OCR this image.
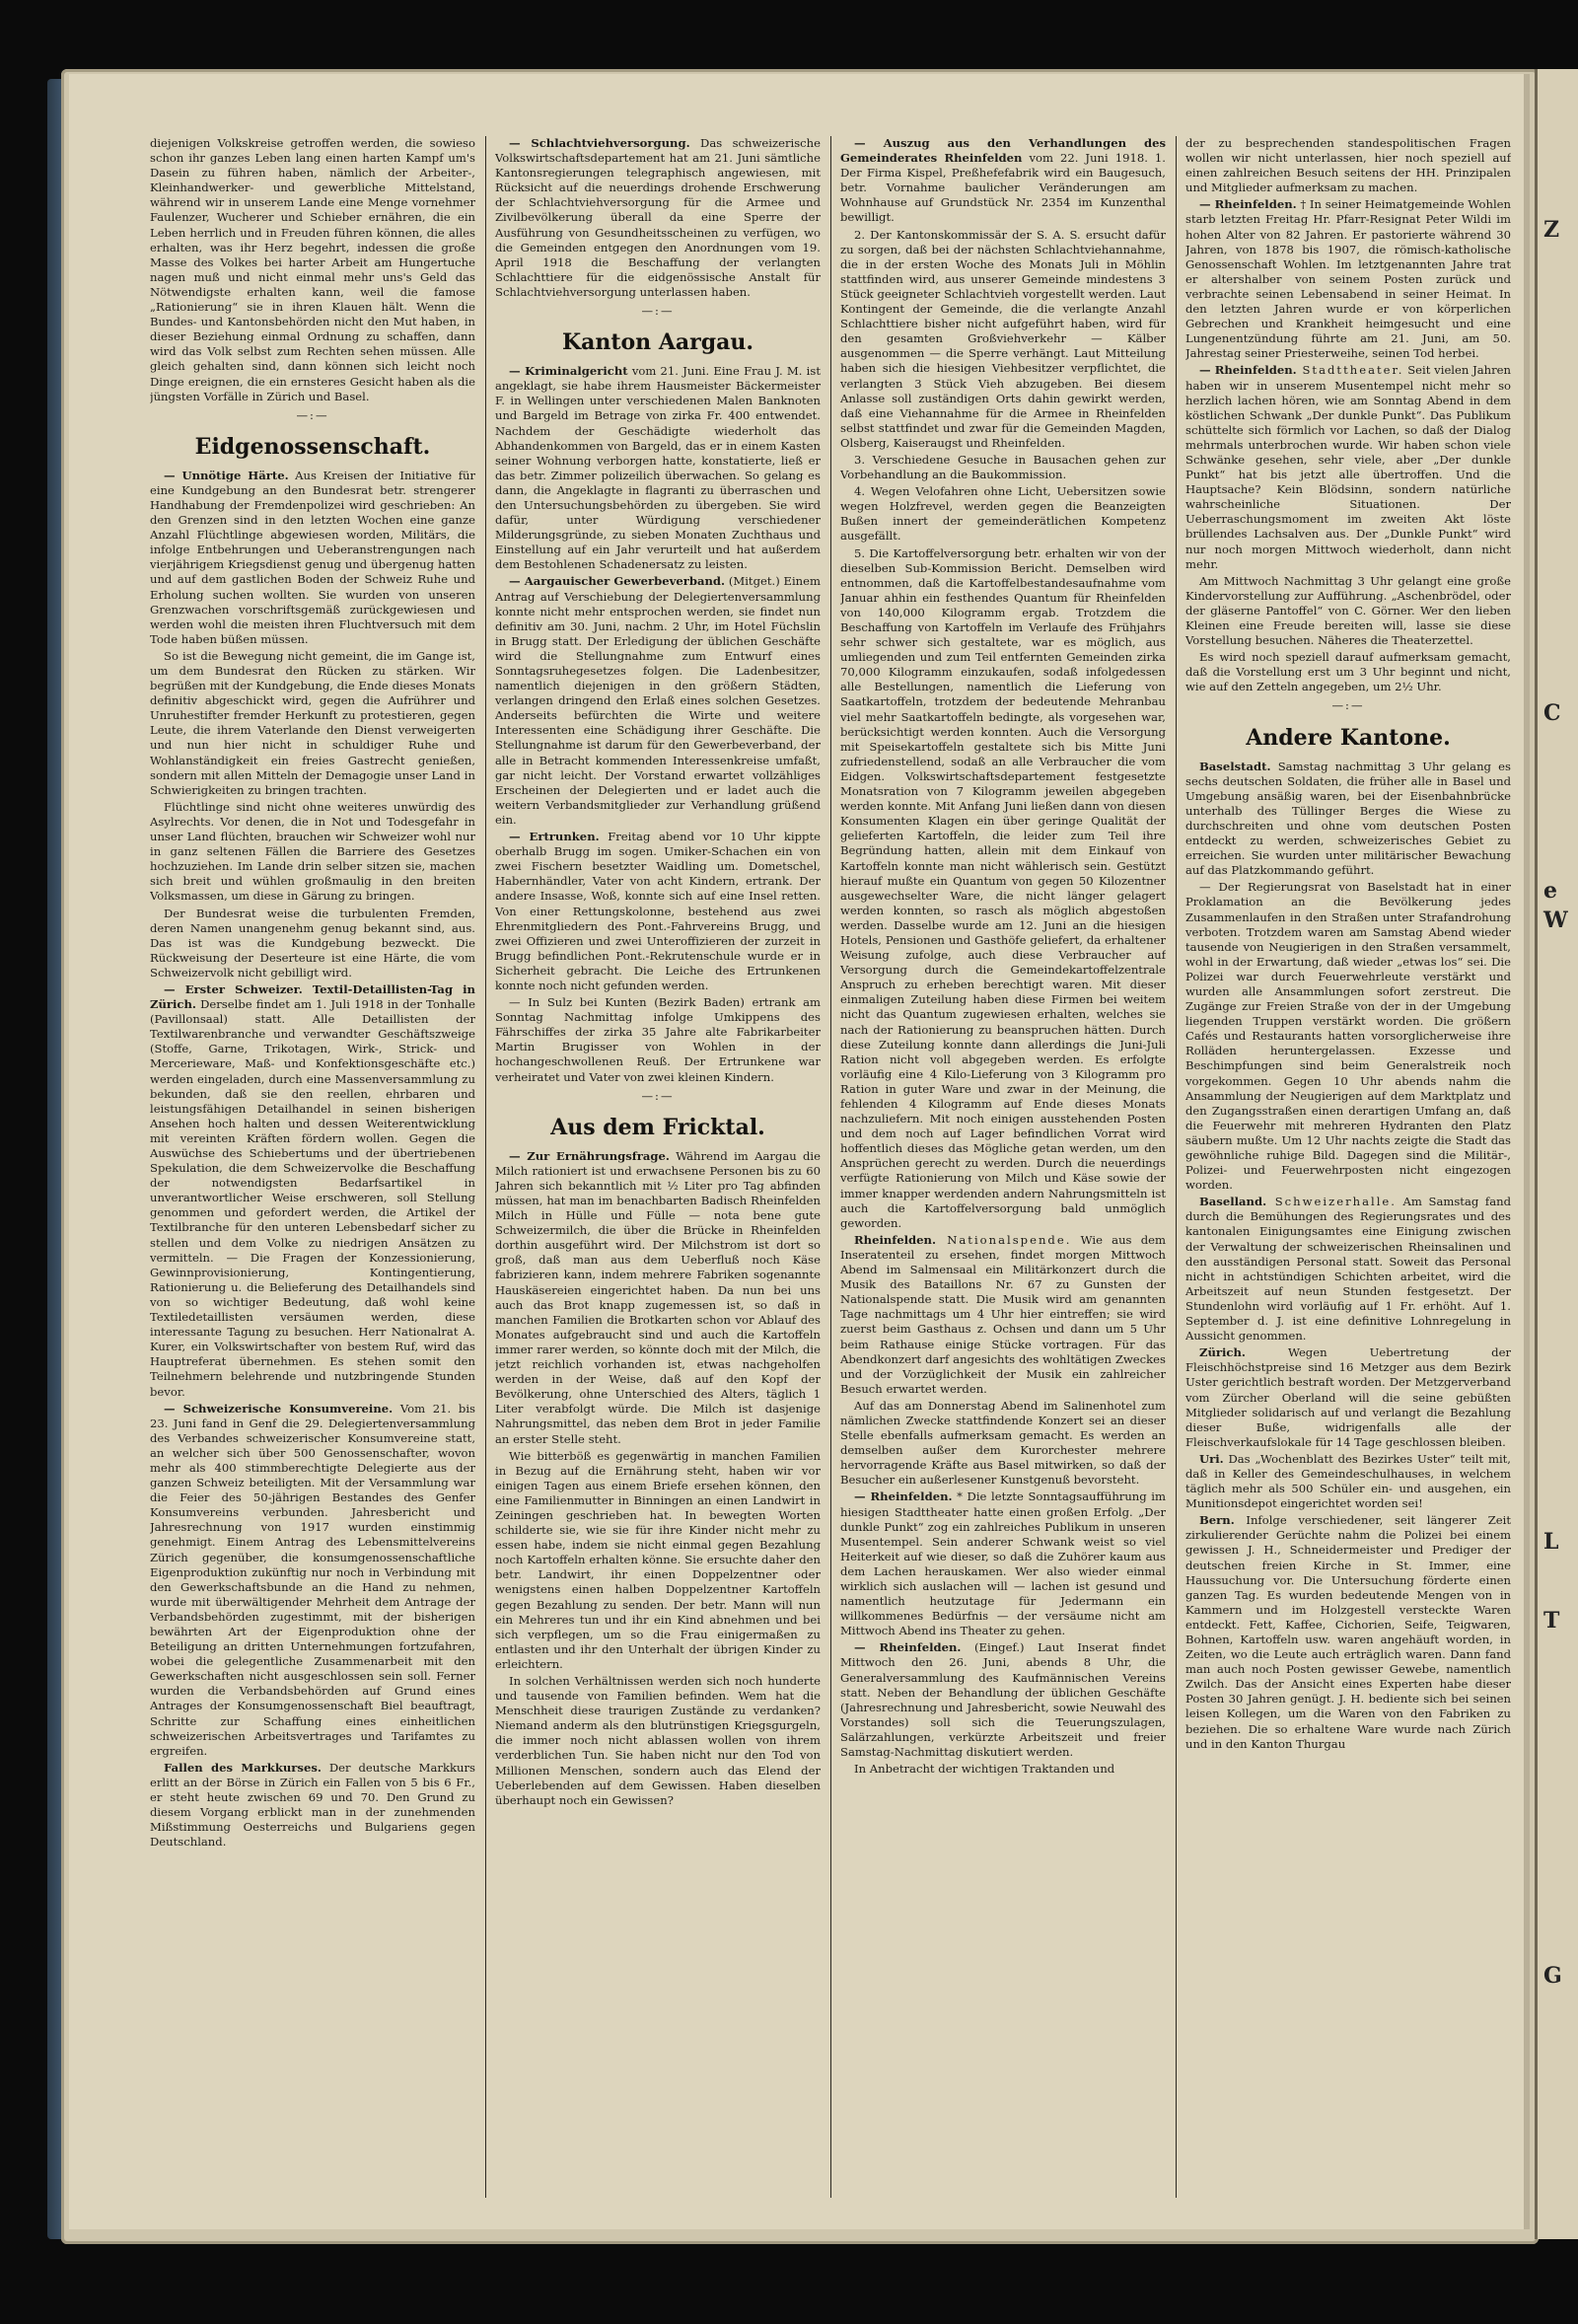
Z
C
e
W
L
T
G

diejenigen Volkskreise getroffen werden, die sowieso schon ihr ganzes Leben lang einen harten Kampf um's Dasein zu führen haben, nämlich der Arbeiter-, Kleinhandwerker- und gewerbliche Mittelstand, während wir in unserem Lande eine Menge vornehmer Faulenzer, Wucherer und Schieber ernähren, die ein Leben herrlich und in Freuden führen können, die alles erhalten, was ihr Herz begehrt, indessen die große Masse des Volkes bei harter Arbeit am Hungertuche nagen muß und nicht einmal mehr uns's Geld das Nötwendigste erhalten kann, weil die famose „Rationierung“ sie in ihren Klauen hält. Wenn die Bundes- und Kantonsbehörden nicht den Mut haben, in dieser Beziehung einmal Ordnung zu schaffen, dann wird das Volk selbst zum Rechten sehen müssen. Alle gleich gehalten sind, dann können sich leicht noch Dinge ereignen, die ein ernsteres Gesicht haben als die jüngsten Vorfälle in Zürich und Basel.

—:—

Eidgenossenschaft.

— Unnötige Härte. Aus Kreisen der Initiative für eine Kundgebung an den Bundesrat betr. strengerer Handhabung der Fremdenpolizei wird geschrieben: An den Grenzen sind in den letzten Wochen eine ganze Anzahl Flüchtlinge abgewiesen worden, Militärs, die infolge Entbehrungen und Ueberanstrengungen nach vierjährigem Kriegsdienst genug und übergenug hatten und auf dem gastlichen Boden der Schweiz Ruhe und Erholung suchen wollten. Sie wurden von unseren Grenzwachen vorschriftsgemäß zurückgewiesen und werden wohl die meisten ihren Fluchtversuch mit dem Tode haben büßen müssen.

So ist die Bewegung nicht gemeint, die im Gange ist, um dem Bundesrat den Rücken zu stärken. Wir begrüßen mit der Kundgebung, die Ende dieses Monats definitiv abgeschickt wird, gegen die Aufrührer und Unruhestifter fremder Herkunft zu protestieren, gegen Leute, die ihrem Vaterlande den Dienst verweigerten und nun hier nicht in schuldiger Ruhe und Wohlanständigkeit ein freies Gastrecht genießen, sondern mit allen Mitteln der Demagogie unser Land in Schwierigkeiten zu bringen trachten.

Flüchtlinge sind nicht ohne weiteres unwürdig des Asylrechts. Vor denen, die in Not und Todesgefahr in unser Land flüchten, brauchen wir Schweizer wohl nur in ganz seltenen Fällen die Barriere des Gesetzes hochzuziehen. Im Lande drin selber sitzen sie, machen sich breit und wühlen großmaulig in den breiten Volksmassen, um diese in Gärung zu bringen.

Der Bundesrat weise die turbulenten Fremden, deren Namen unangenehm genug bekannt sind, aus. Das ist was die Kundgebung bezweckt. Die Rückweisung der Deserteure ist eine Härte, die vom Schweizervolk nicht gebilligt wird.

— Erster Schweizer. Textil-Detaillisten-Tag in Zürich. Derselbe findet am 1. Juli 1918 in der Tonhalle (Pavillonsaal) statt. Alle Detaillisten der Textilwarenbranche und verwandter Geschäftszweige (Stoffe, Garne, Trikotagen, Wirk-, Strick- und Mercerieware, Maß- und Konfektionsgeschäfte etc.) werden eingeladen, durch eine Massenversammlung zu bekunden, daß sie den reellen, ehrbaren und leistungsfähigen Detailhandel in seinen bisherigen Ansehen hoch halten und dessen Weiterentwicklung mit vereinten Kräften fördern wollen. Gegen die Auswüchse des Schiebertums und der übertriebenen Spekulation, die dem Schweizervolke die Beschaffung der notwendigsten Bedarfsartikel in unverantwortlicher Weise erschweren, soll Stellung genommen und gefordert werden, die Artikel der Textilbranche für den unteren Lebensbedarf sicher zu stellen und dem Volke zu niedrigen Ansätzen zu vermitteln. — Die Fragen der Konzessionierung, Gewinnprovisionierung, Kontingentierung, Rationierung u. die Belieferung des Detailhandels sind von so wichtiger Bedeutung, daß wohl keine Textiledetaillisten versäumen werden, diese interessante Tagung zu besuchen. Herr Nationalrat A. Kurer, ein Volkswirtschafter von bestem Ruf, wird das Hauptreferat übernehmen. Es stehen somit den Teilnehmern belehrende und nutzbringende Stunden bevor.

— Schweizerische Konsumvereine. Vom 21. bis 23. Juni fand in Genf die 29. Delegiertenversammlung des Verbandes schweizerischer Konsumvereine statt, an welcher sich über 500 Genossenschafter, wovon mehr als 400 stimmberechtigte Delegierte aus der ganzen Schweiz beteiligten. Mit der Versammlung war die Feier des 50-jährigen Bestandes des Genfer Konsumvereins verbunden. Jahresbericht und Jahresrechnung von 1917 wurden einstimmig genehmigt. Einem Antrag des Lebensmittelvereins Zürich gegenüber, die konsumgenossenschaftliche Eigenproduktion zukünftig nur noch in Verbindung mit den Gewerkschaftsbunde an die Hand zu nehmen, wurde mit überwältigender Mehrheit dem Antrage der Verbandsbehörden zugestimmt, mit der bisherigen bewährten Art der Eigenproduktion ohne der Beteiligung an dritten Unternehmungen fortzufahren, wobei die gelegentliche Zusammenarbeit mit den Gewerkschaften nicht ausgeschlossen sein soll. Ferner wurden die Verbandsbehörden auf Grund eines Antrages der Konsumgenossenschaft Biel beauftragt, Schritte zur Schaffung eines einheitlichen schweizerischen Arbeitsvertrages und Tarifamtes zu ergreifen.

Fallen des Markkurses. Der deutsche Markkurs erlitt an der Börse in Zürich ein Fallen von 5 bis 6 Fr., er steht heute zwischen 69 und 70. Den Grund zu diesem Vorgang erblickt man in der zunehmenden Mißstimmung Oesterreichs und Bulgariens gegen Deutschland.

— Schlachtviehversorgung. Das schweizerische Volkswirtschaftsdepartement hat am 21. Juni sämtliche Kantonsregierungen telegraphisch angewiesen, mit Rücksicht auf die neuerdings drohende Erschwerung der Schlachtviehversorgung für die Armee und Zivilbevölkerung überall da eine Sperre der Ausführung von Gesundheitsscheinen zu verfügen, wo die Gemeinden entgegen den Anordnungen vom 19. April 1918 die Beschaffung der verlangten Schlachttiere für die eidgenössische Anstalt für Schlachtviehversorgung unterlassen haben.

—:—

Kanton Aargau.

— Kriminalgericht vom 21. Juni. Eine Frau J. M. ist angeklagt, sie habe ihrem Hausmeister Bäckermeister F. in Wellingen unter verschiedenen Malen Banknoten und Bargeld im Betrage von zirka Fr. 400 entwendet. Nachdem der Geschädigte wiederholt das Abhandenkommen von Bargeld, das er in einem Kasten seiner Wohnung verborgen hatte, konstatierte, ließ er das betr. Zimmer polizeilich überwachen. So gelang es dann, die Angeklagte in flagranti zu überraschen und den Untersuchungsbehörden zu übergeben. Sie wird dafür, unter Würdigung verschiedener Milderungsgründe, zu sieben Monaten Zuchthaus und Einstellung auf ein Jahr verurteilt und hat außerdem dem Bestohlenen Schadenersatz zu leisten.

— Aargauischer Gewerbeverband. (Mitget.) Einem Antrag auf Verschiebung der Delegiertenversammlung konnte nicht mehr entsprochen werden, sie findet nun definitiv am 30. Juni, nachm. 2 Uhr, im Hotel Füchslin in Brugg statt. Der Erledigung der üblichen Geschäfte wird die Stellungnahme zum Entwurf eines Sonntagsruhegesetzes folgen. Die Ladenbesitzer, namentlich diejenigen in den größern Städten, verlangen dringend den Erlaß eines solchen Gesetzes. Anderseits befürchten die Wirte und weitere Interessenten eine Schädigung ihrer Geschäfte. Die Stellungnahme ist darum für den Gewerbeverband, der alle in Betracht kommenden Interessenkreise umfaßt, gar nicht leicht. Der Vorstand erwartet vollzähliges Erscheinen der Delegierten und er ladet auch die weitern Verbandsmitglieder zur Verhandlung grüßend ein.

— Ertrunken. Freitag abend vor 10 Uhr kippte oberhalb Brugg im sogen. Umiker-Schachen ein von zwei Fischern besetzter Waidling um. Dometschel, Habernhändler, Vater von acht Kindern, ertrank. Der andere Insasse, Woß, konnte sich auf eine Insel retten. Von einer Rettungskolonne, bestehend aus zwei Ehrenmitgliedern des Pont.-Fahrvereins Brugg, und zwei Offizieren und zwei Unteroffizieren der zurzeit in Brugg befindlichen Pont.-Rekrutenschule wurde er in Sicherheit gebracht. Die Leiche des Ertrunkenen konnte noch nicht gefunden werden.

— In Sulz bei Kunten (Bezirk Baden) ertrank am Sonntag Nachmittag infolge Umkippens des Fährschiffes der zirka 35 Jahre alte Fabrikarbeiter Martin Brugisser von Wohlen in der hochangeschwollenen Reuß. Der Ertrunkene war verheiratet und Vater von zwei kleinen Kindern.

—:—

Aus dem Fricktal.

— Zur Ernährungsfrage. Während im Aargau die Milch rationiert ist und erwachsene Personen bis zu 60 Jahren sich bekanntlich mit ½ Liter pro Tag abfinden müssen, hat man im benachbarten Badisch Rheinfelden Milch in Hülle und Fülle — nota bene gute Schweizermilch, die über die Brücke in Rheinfelden dorthin ausgeführt wird. Der Milchstrom ist dort so groß, daß man aus dem Ueberfluß noch Käse fabrizieren kann, indem mehrere Fabriken sogenannte Hauskäsereien eingerichtet haben. Da nun bei uns auch das Brot knapp zugemessen ist, so daß in manchen Familien die Brotkarten schon vor Ablauf des Monates aufgebraucht sind und auch die Kartoffeln immer rarer werden, so könnte doch mit der Milch, die jetzt reichlich vorhanden ist, etwas nachgeholfen werden in der Weise, daß auf den Kopf der Bevölkerung, ohne Unterschied des Alters, täglich 1 Liter verabfolgt würde. Die Milch ist dasjenige Nahrungsmittel, das neben dem Brot in jeder Familie an erster Stelle steht.

Wie bitterböß es gegenwärtig in manchen Familien in Bezug auf die Ernährung steht, haben wir vor einigen Tagen aus einem Briefe ersehen können, den eine Familienmutter in Binningen an einen Landwirt in Zeiningen geschrieben hat. In bewegten Worten schilderte sie, wie sie für ihre Kinder nicht mehr zu essen habe, indem sie nicht einmal gegen Bezahlung noch Kartoffeln erhalten könne. Sie ersuchte daher den betr. Landwirt, ihr einen Doppelzentner oder wenigstens einen halben Doppelzentner Kartoffeln gegen Bezahlung zu senden. Der betr. Mann will nun ein Mehreres tun und ihr ein Kind abnehmen und bei sich verpflegen, um so die Frau einigermaßen zu entlasten und ihr den Unterhalt der übrigen Kinder zu erleichtern.

In solchen Verhältnissen werden sich noch hunderte und tausende von Familien befinden. Wem hat die Menschheit diese traurigen Zustände zu verdanken? Niemand anderm als den blutrünstigen Kriegsgurgeln, die immer noch nicht ablassen wollen von ihrem verderblichen Tun. Sie haben nicht nur den Tod von Millionen Menschen, sondern auch das Elend der Ueberlebenden auf dem Gewissen. Haben dieselben überhaupt noch ein Gewissen?

— Auszug aus den Verhandlungen des Gemeinderates Rheinfelden vom 22. Juni 1918. 1. Der Firma Kispel, Preßhefefabrik wird ein Baugesuch, betr. Vornahme baulicher Veränderungen am Wohnhause auf Grundstück Nr. 2354 im Kunzenthal bewilligt.

2. Der Kantonskommissär der S. A. S. ersucht dafür zu sorgen, daß bei der nächsten Schlachtviehannahme, die in der ersten Woche des Monats Juli in Möhlin stattfinden wird, aus unserer Gemeinde mindestens 3 Stück geeigneter Schlachtvieh vorgestellt werden. Laut Kontingent der Gemeinde, die die verlangte Anzahl Schlachttiere bisher nicht aufgeführt haben, wird für den gesamten Großviehverkehr — Kälber ausgenommen — die Sperre verhängt. Laut Mitteilung haben sich die hiesigen Viehbesitzer verpflichtet, die verlangten 3 Stück Vieh abzugeben. Bei diesem Anlasse soll zuständigen Orts dahin gewirkt werden, daß eine Viehannahme für die Armee in Rheinfelden selbst stattfindet und zwar für die Gemeinden Magden, Olsberg, Kaiseraugst und Rheinfelden.

3. Verschiedene Gesuche in Bausachen gehen zur Vorbehandlung an die Baukommission.

4. Wegen Velofahren ohne Licht, Uebersitzen sowie wegen Holzfrevel, werden gegen die Beanzeigten Bußen innert der gemeinderätlichen Kompetenz ausgefällt.

5. Die Kartoffelversorgung betr. erhalten wir von der dieselben Sub-Kommission Bericht. Demselben wird entnommen, daß die Kartoffelbestandesaufnahme vom Januar ahhin ein festhendes Quantum für Rheinfelden von 140,000 Kilogramm ergab. Trotzdem die Beschaffung von Kartoffeln im Verlaufe des Frühjahrs sehr schwer sich gestaltete, war es möglich, aus umliegenden und zum Teil entfernten Gemeinden zirka 70,000 Kilogramm einzukaufen, sodaß infolgedessen alle Bestellungen, namentlich die Lieferung von Saatkartoffeln, trotzdem der bedeutende Mehranbau viel mehr Saatkartoffeln bedingte, als vorgesehen war, berücksichtigt werden konnten. Auch die Versorgung mit Speisekartoffeln gestaltete sich bis Mitte Juni zufriedenstellend, sodaß an alle Verbraucher die vom Eidgen. Volkswirtschaftsdepartement festgesetzte Monatsration von 7 Kilogramm jeweilen abgegeben werden konnte. Mit Anfang Juni ließen dann von diesen Konsumenten Klagen ein über geringe Qualität der gelieferten Kartoffeln, die leider zum Teil ihre Begründung hatten, allein mit dem Einkauf von Kartoffeln konnte man nicht wählerisch sein. Gestützt hierauf mußte ein Quantum von gegen 50 Kilozentner ausgewechselter Ware, die nicht länger gelagert werden konnten, so rasch als möglich abgestoßen werden. Dasselbe wurde am 12. Juni an die hiesigen Hotels, Pensionen und Gasthöfe geliefert, da erhaltener Weisung zufolge, auch diese Verbraucher auf Versorgung durch die Gemeindekartoffelzentrale Anspruch zu erheben berechtigt waren. Mit dieser einmaligen Zuteilung haben diese Firmen bei weitem nicht das Quantum zugewiesen erhalten, welches sie nach der Rationierung zu beanspruchen hätten. Durch diese Zuteilung konnte dann allerdings die Juni-Juli Ration nicht voll abgegeben werden. Es erfolgte vorläufig eine 4 Kilo-Lieferung von 3 Kilogramm pro Ration in guter Ware und zwar in der Meinung, die fehlenden 4 Kilogramm auf Ende dieses Monats nachzuliefern. Mit noch einigen ausstehenden Posten und dem noch auf Lager befindlichen Vorrat wird hoffentlich dieses das Mögliche getan werden, um den Ansprüchen gerecht zu werden. Durch die neuerdings verfügte Rationierung von Milch und Käse sowie der immer knapper werdenden andern Nahrungsmitteln ist auch die Kartoffelversorgung bald unmöglich geworden.

Rheinfelden. Nationalspende. Wie aus dem Inseratenteil zu ersehen, findet morgen Mittwoch Abend im Salmensaal ein Militärkonzert durch die Musik des Bataillons Nr. 67 zu Gunsten der Nationalspende statt. Die Musik wird am genannten Tage nachmittags um 4 Uhr hier eintreffen; sie wird zuerst beim Gasthaus z. Ochsen und dann um 5 Uhr beim Rathause einige Stücke vortragen. Für das Abendkonzert darf angesichts des wohltätigen Zweckes und der Vorzüglichkeit der Musik ein zahlreicher Besuch erwartet werden.

Auf das am Donnerstag Abend im Salinenhotel zum nämlichen Zwecke stattfindende Konzert sei an dieser Stelle ebenfalls aufmerksam gemacht. Es werden an demselben außer dem Kurorchester mehrere hervorragende Kräfte aus Basel mitwirken, so daß der Besucher ein außerlesener Kunstgenuß bevorsteht.

— Rheinfelden. * Die letzte Sonntagsaufführung im hiesigen Stadttheater hatte einen großen Erfolg. „Der dunkle Punkt“ zog ein zahlreiches Publikum in unseren Musentempel. Sein anderer Schwank weist so viel Heiterkeit auf wie dieser, so daß die Zuhörer kaum aus dem Lachen herauskamen. Wer also wieder einmal wirklich sich auslachen will — lachen ist gesund und namentlich heutzutage für Jedermann ein willkommenes Bedürfnis — der versäume nicht am Mittwoch Abend ins Theater zu gehen.

— Rheinfelden. (Eingef.) Laut Inserat findet Mittwoch den 26. Juni, abends 8 Uhr, die Generalversammlung des Kaufmännischen Vereins statt. Neben der Behandlung der üblichen Geschäfte (Jahresrechnung und Jahresbericht, sowie Neuwahl des Vorstandes) soll sich die Teuerungszulagen, Salärzahlungen, verkürzte Arbeitszeit und freier Samstag-Nachmittag diskutiert werden.

In Anbetracht der wichtigen Traktanden und

der zu besprechenden standespolitischen Fragen wollen wir nicht unterlassen, hier noch speziell auf einen zahlreichen Besuch seitens der HH. Prinzipalen und Mitglieder aufmerksam zu machen.

— Rheinfelden. † In seiner Heimatgemeinde Wohlen starb letzten Freitag Hr. Pfarr-Resignat Peter Wildi im hohen Alter von 82 Jahren. Er pastorierte während 30 Jahren, von 1878 bis 1907, die römisch-katholische Genossenschaft Wohlen. Im letztgenannten Jahre trat er altershalber von seinem Posten zurück und verbrachte seinen Lebensabend in seiner Heimat. In den letzten Jahren wurde er von körperlichen Gebrechen und Krankheit heimgesucht und eine Lungenentzündung führte am 21. Juni, am 50. Jahrestag seiner Priesterweihe, seinen Tod herbei.

— Rheinfelden. Stadttheater. Seit vielen Jahren haben wir in unserem Musentempel nicht mehr so herzlich lachen hören, wie am Sonntag Abend in dem köstlichen Schwank „Der dunkle Punkt“. Das Publikum schüttelte sich förmlich vor Lachen, so daß der Dialog mehrmals unterbrochen wurde. Wir haben schon viele Schwänke gesehen, sehr viele, aber „Der dunkle Punkt“ hat bis jetzt alle übertroffen. Und die Hauptsache? Kein Blödsinn, sondern natürliche wahrscheinliche Situationen. Der Ueberraschungsmoment im zweiten Akt löste brüllendes Lachsalven aus. Der „Dunkle Punkt“ wird nur noch morgen Mittwoch wiederholt, dann nicht mehr.

Am Mittwoch Nachmittag 3 Uhr gelangt eine große Kindervorstellung zur Aufführung. „Aschenbrödel, oder der gläserne Pantoffel“ von C. Görner. Wer den lieben Kleinen eine Freude bereiten will, lasse sie diese Vorstellung besuchen. Näheres die Theaterzettel.

Es wird noch speziell darauf aufmerksam gemacht, daß die Vorstellung erst um 3 Uhr beginnt und nicht, wie auf den Zetteln angegeben, um 2½ Uhr.

—:—

Andere Kantone.

Baselstadt. Samstag nachmittag 3 Uhr gelang es sechs deutschen Soldaten, die früher alle in Basel und Umgebung ansäßig waren, bei der Eisenbahnbrücke unterhalb des Tüllinger Berges die Wiese zu durchschreiten und ohne vom deutschen Posten entdeckt zu werden, schweizerisches Gebiet zu erreichen. Sie wurden unter militärischer Bewachung auf das Platzkommando geführt.

— Der Regierungsrat von Baselstadt hat in einer Proklamation an die Bevölkerung jedes Zusammenlaufen in den Straßen unter Strafandrohung verboten. Trotzdem waren am Samstag Abend wieder tausende von Neugierigen in den Straßen versammelt, wohl in der Erwartung, daß wieder „etwas los“ sei. Die Polizei war durch Feuerwehrleute verstärkt und wurden alle Ansammlungen sofort zerstreut. Die Zugänge zur Freien Straße von der in der Umgebung liegenden Truppen verstärkt worden. Die größern Cafés und Restaurants hatten vorsorglicherweise ihre Rolläden heruntergelassen. Exzesse und Beschimpfungen sind beim Generalstreik noch vorgekommen. Gegen 10 Uhr abends nahm die Ansammlung der Neugierigen auf dem Marktplatz und den Zugangsstraßen einen derartigen Umfang an, daß die Feuerwehr mit mehreren Hydranten den Platz säubern mußte. Um 12 Uhr nachts zeigte die Stadt das gewöhnliche ruhige Bild. Dagegen sind die Militär-, Polizei- und Feuerwehrposten nicht eingezogen worden.

Baselland. Schweizerhalle. Am Samstag fand durch die Bemühungen des Regierungsrates und des kantonalen Einigungsamtes eine Einigung zwischen der Verwaltung der schweizerischen Rheinsalinen und den ausständigen Personal statt. Soweit das Personal nicht in achtstündigen Schichten arbeitet, wird die Arbeitszeit auf neun Stunden festgesetzt. Der Stundenlohn wird vorläufig auf 1 Fr. erhöht. Auf 1. September d. J. ist eine definitive Lohnregelung in Aussicht genommen.

Zürich. Wegen Uebertretung der Fleischhöchstpreise sind 16 Metzger aus dem Bezirk Uster gerichtlich bestraft worden. Der Metzgerverband vom Zürcher Oberland will die seine gebüßten Mitglieder solidarisch auf und verlangt die Bezahlung dieser Buße, widrigenfalls alle der Fleischverkaufslokale für 14 Tage geschlossen bleiben.

Uri. Das „Wochenblatt des Bezirkes Uster“ teilt mit, daß in Keller des Gemeindeschulhauses, in welchem täglich mehr als 500 Schüler ein- und ausgehen, ein Munitionsdepot eingerichtet worden sei!

Bern. Infolge verschiedener, seit längerer Zeit zirkulierender Gerüchte nahm die Polizei bei einem gewissen J. H., Schneidermeister und Prediger der deutschen freien Kirche in St. Immer, eine Haussuchung vor. Die Untersuchung förderte einen ganzen Tag. Es wurden bedeutende Mengen von in Kammern und im Holzgestell versteckte Waren entdeckt. Fett, Kaffee, Cichorien, Seife, Teigwaren, Bohnen, Kartoffeln usw. waren angehäuft worden, in Zeiten, wo die Leute auch erträglich waren. Dann fand man auch noch Posten gewisser Gewebe, namentlich Zwilch. Das der Ansicht eines Experten habe dieser Posten 30 Jahren genügt. J. H. bediente sich bei seinen leisen Kollegen, um die Waren von den Fabriken zu beziehen. Die so erhaltene Ware wurde nach Zürich und in den Kanton Thurgau
